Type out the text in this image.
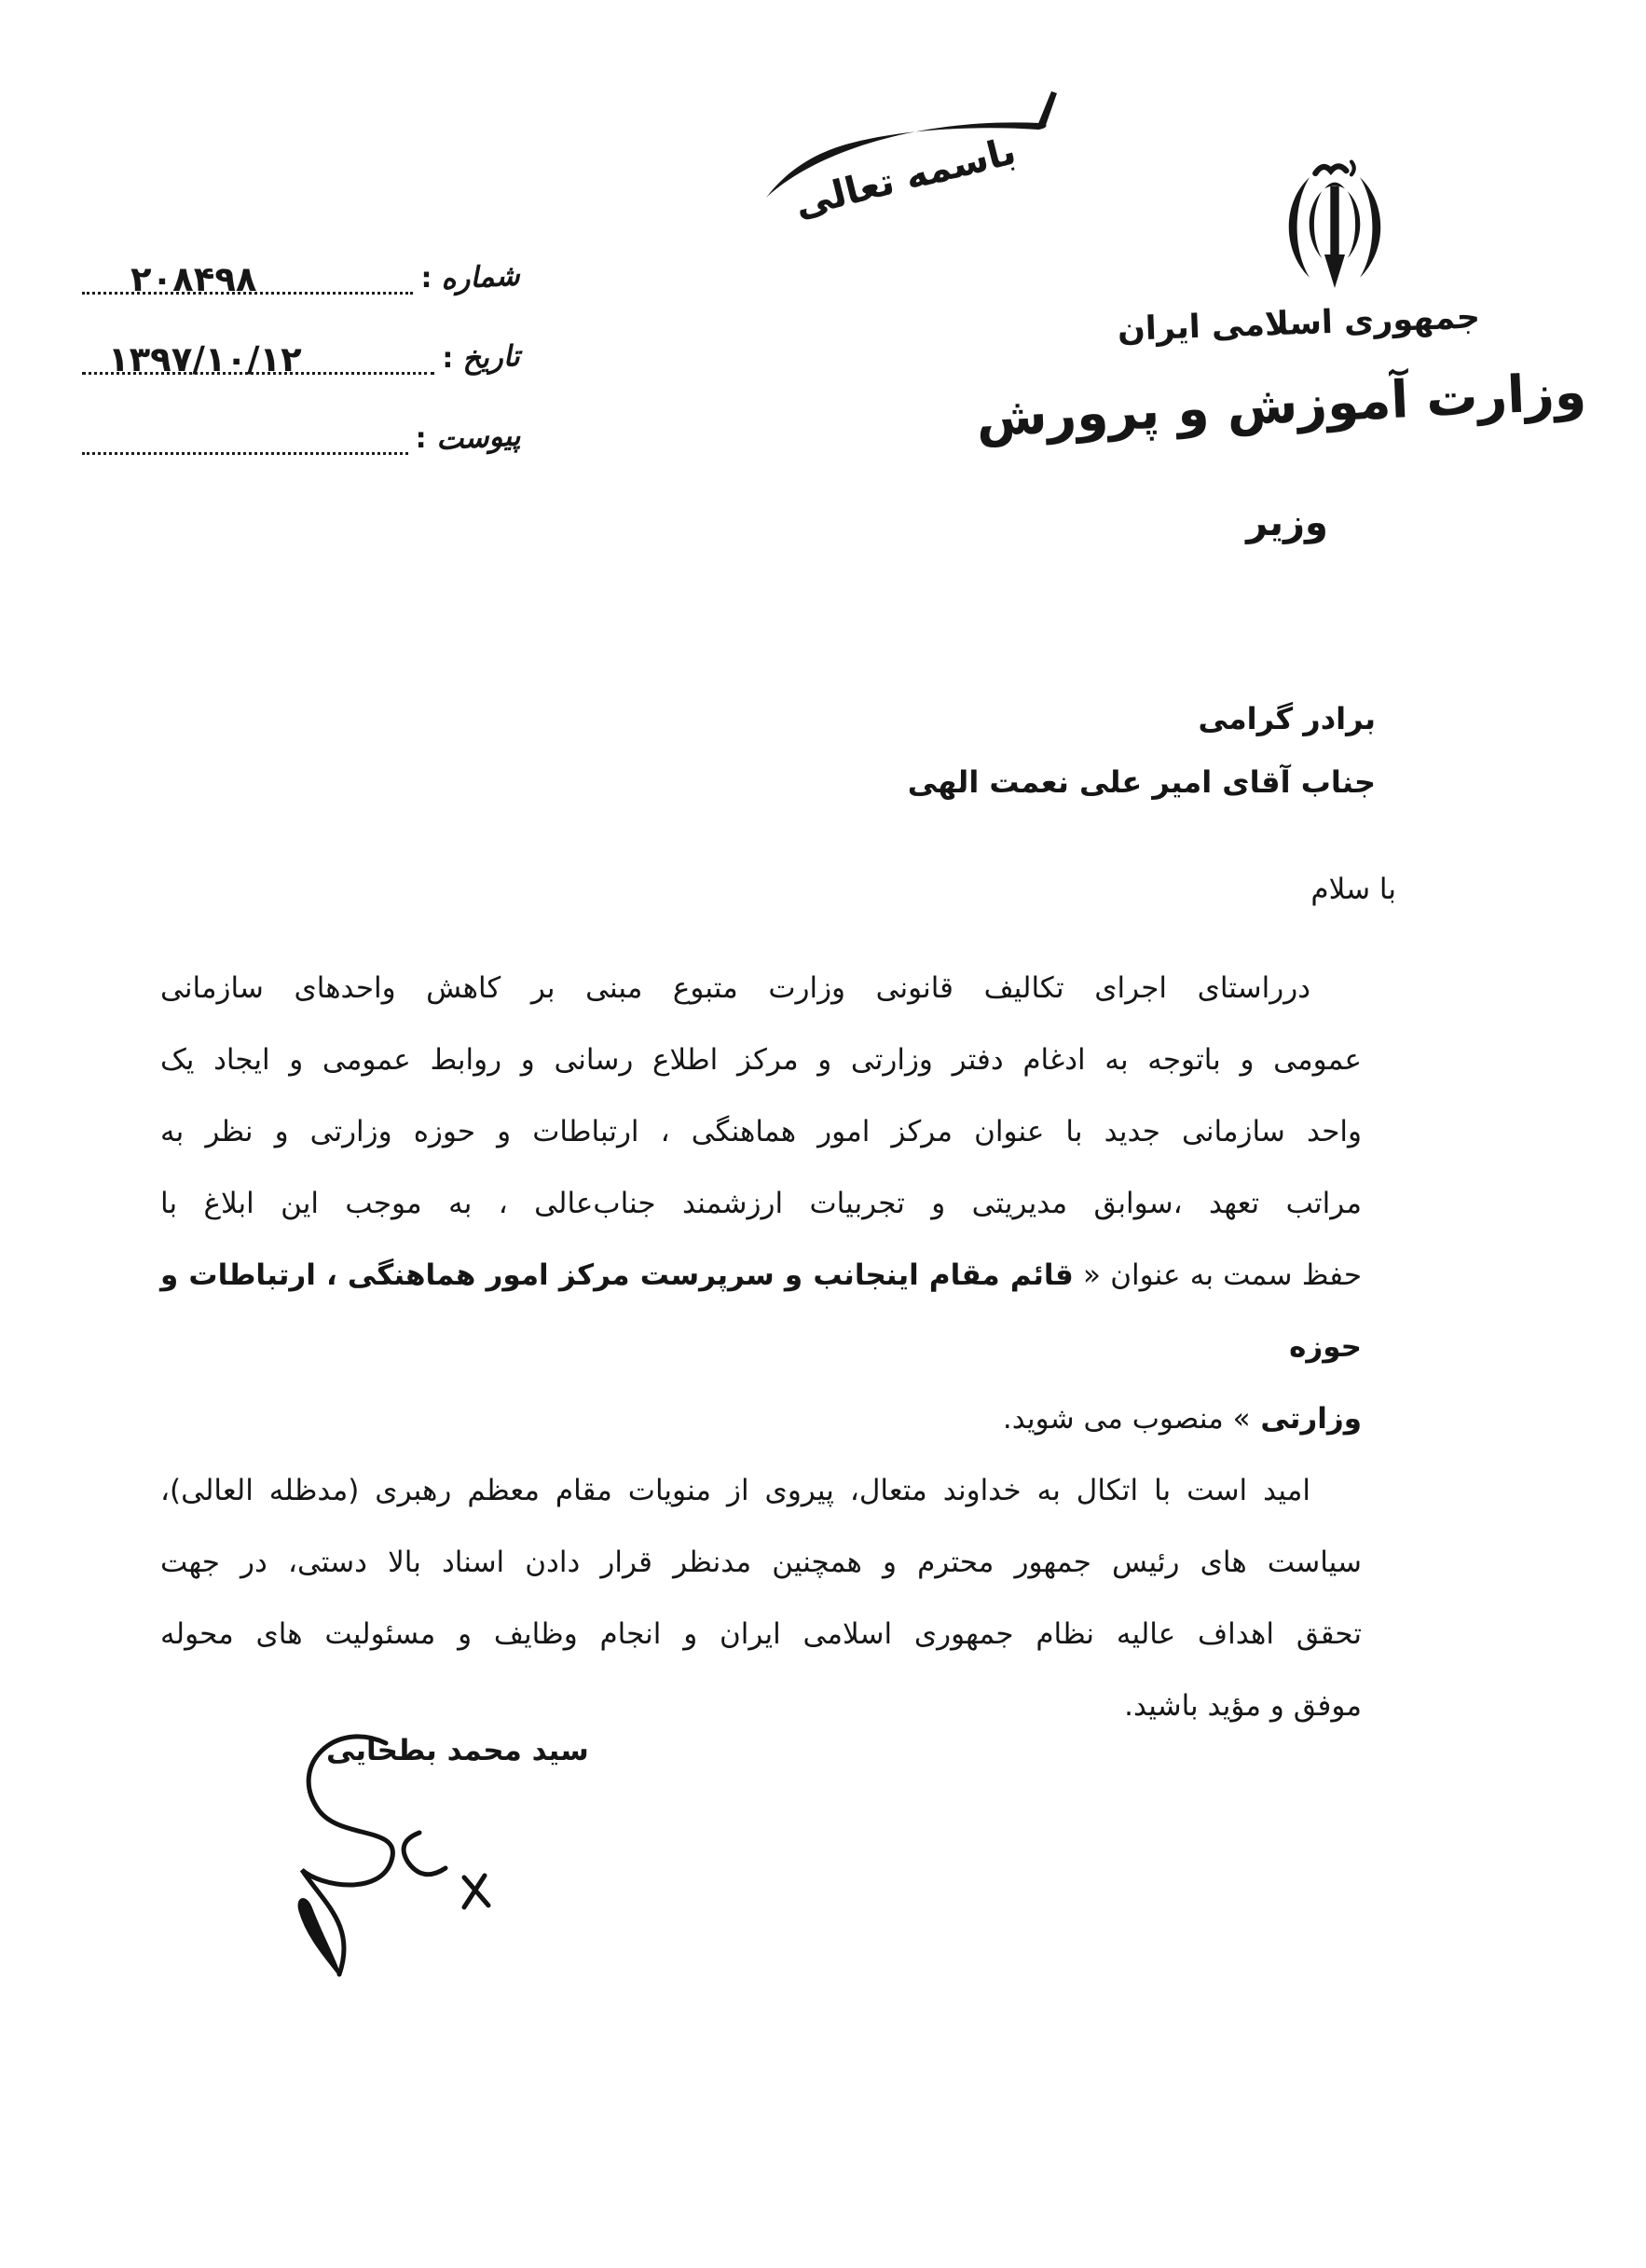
باسمه تعالی
جمهوری اسلامی ایران
وزارت آموزش و پرورش
وزیر
شماره
:
۲۰۸۴۹۸
تاریخ
:
۱۳۹۷/۱۰/۱۲
پیوست
:
برادر گرامی
جناب آقای امیر علی نعمت الهی
با سلام
درراستای اجرای تکالیف قانونی وزارت متبوع مبنی بر کاهش واحدهای سازمانی
عمومی و باتوجه به ادغام دفتر وزارتی و مرکز اطلاع رسانی و روابط عمومی و ایجاد یک
واحد سازمانی جدید با عنوان مرکز امور هماهنگی ، ارتباطات و حوزه وزارتی و نظر به
مراتب تعهد ،سوابق مدیریتی و تجربیات ارزشمند جناب‌عالی ، به موجب این ابلاغ با
حفظ سمت به عنوان « قائم مقام اینجانب و سرپرست مرکز امور هماهنگی ، ارتباطات و حوزه
وزارتی » منصوب می شوید.
امید است با اتکال به خداوند متعال، پیروی از منویات مقام معظم رهبری (مدظله العالی)،
سیاست های رئیس جمهور محترم و همچنین مدنظر قرار دادن اسناد بالا دستی، در جهت
تحقق اهداف عالیه نظام جمهوری اسلامی ایران و انجام وظایف و مسئولیت های محوله
موفق و مؤید باشید.
سید محمد بطحایی
